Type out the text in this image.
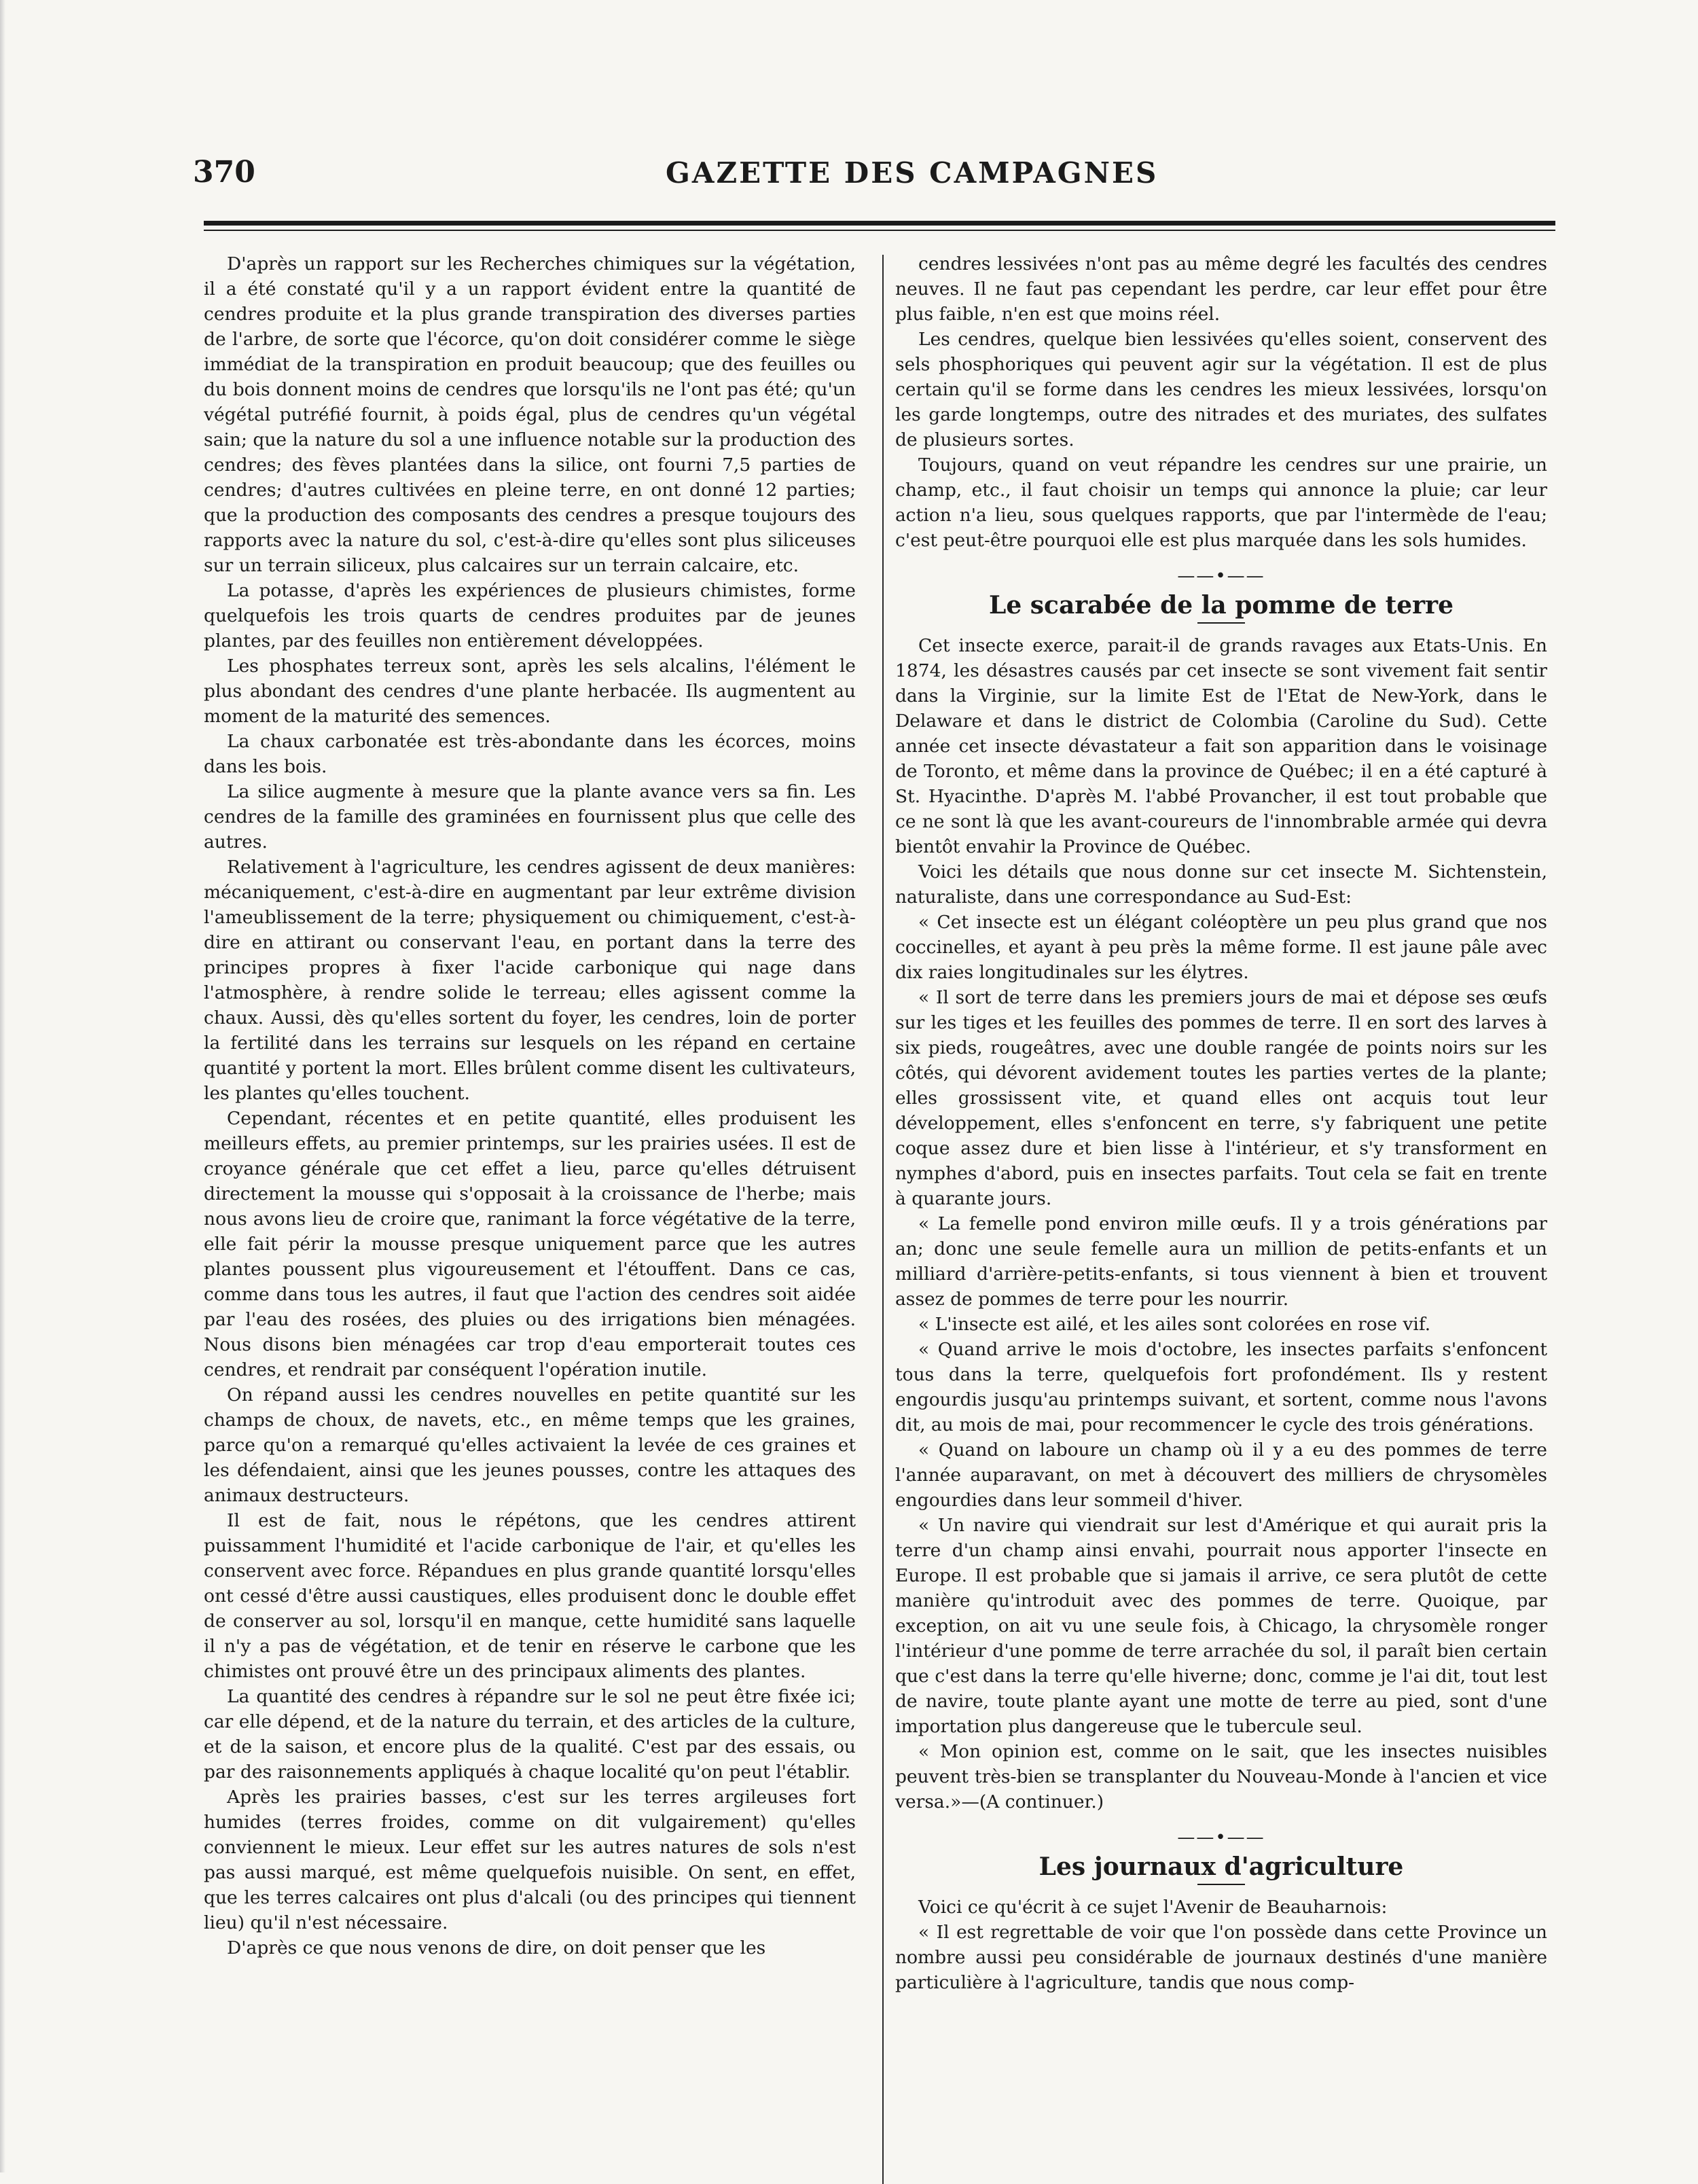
370	GAZETTE DES CAMPAGNES

D'après un rapport sur les Recherches chimiques sur la végétation, il a été constaté qu'il y a un rapport évident entre la quantité de cendres produite et la plus grande transpiration des diverses parties de l'arbre, de sorte que l'écorce, qu'on doit considérer comme le siège immédiat de la transpiration en produit beaucoup; que des feuilles ou du bois donnent moins de cendres que lorsqu'ils ne l'ont pas été; qu'un végétal putréfié fournit, à poids égal, plus de cendres qu'un végétal sain; que la nature du sol a une influence notable sur la production des cendres; des fèves plantées dans la silice, ont fourni 7,5 parties de cendres; d'autres cultivées en pleine terre, en ont donné 12 parties; que la production des composants des cendres a presque toujours des rapports avec la nature du sol, c'est-à-dire qu'elles sont plus siliceuses sur un terrain siliceux, plus calcaires sur un terrain calcaire, etc.

La potasse, d'après les expériences de plusieurs chimistes, forme quelquefois les trois quarts de cendres produites par de jeunes plantes, par des feuilles non entièrement développées.

Les phosphates terreux sont, après les sels alcalins, l'élément le plus abondant des cendres d'une plante herbacée. Ils augmentent au moment de la maturité des semences.

La chaux carbonatée est très-abondante dans les écorces, moins dans les bois.

La silice augmente à mesure que la plante avance vers sa fin. Les cendres de la famille des graminées en fournissent plus que celle des autres.

Relativement à l'agriculture, les cendres agissent de deux manières: mécaniquement, c'est-à-dire en augmentant par leur extrême division l'ameublissement de la terre; physiquement ou chimiquement, c'est-à-dire en attirant ou conservant l'eau, en portant dans la terre des principes propres à fixer l'acide carbonique qui nage dans l'atmosphère, à rendre solide le terreau; elles agissent comme la chaux. Aussi, dès qu'elles sortent du foyer, les cendres, loin de porter la fertilité dans les terrains sur lesquels on les répand en certaine quantité y portent la mort. Elles brûlent comme disent les cultivateurs, les plantes qu'elles touchent.

Cependant, récentes et en petite quantité, elles produisent les meilleurs effets, au premier printemps, sur les prairies usées. Il est de croyance générale que cet effet a lieu, parce qu'elles détruisent directement la mousse qui s'opposait à la croissance de l'herbe; mais nous avons lieu de croire que, ranimant la force végétative de la terre, elle fait périr la mousse presque uniquement parce que les autres plantes poussent plus vigoureusement et l'étouffent. Dans ce cas, comme dans tous les autres, il faut que l'action des cendres soit aidée par l'eau des rosées, des pluies ou des irrigations bien ménagées. Nous disons bien ménagées car trop d'eau emporterait toutes ces cendres, et rendrait par conséquent l'opération inutile.

On répand aussi les cendres nouvelles en petite quantité sur les champs de choux, de navets, etc., en même temps que les graines, parce qu'on a remarqué qu'elles activaient la levée de ces graines et les défendaient, ainsi que les jeunes pousses, contre les attaques des animaux destructeurs.

Il est de fait, nous le répétons, que les cendres attirent puissamment l'humidité et l'acide carbonique de l'air, et qu'elles les conservent avec force. Répandues en plus grande quantité lorsqu'elles ont cessé d'être aussi caustiques, elles produisent donc le double effet de conserver au sol, lorsqu'il en manque, cette humidité sans laquelle il n'y a pas de végétation, et de tenir en réserve le carbone que les chimistes ont prouvé être un des principaux aliments des plantes.

La quantité des cendres à répandre sur le sol ne peut être fixée ici; car elle dépend, et de la nature du terrain, et des articles de la culture, et de la saison, et encore plus de la qualité. C'est par des essais, ou par des raisonnements appliqués à chaque localité qu'on peut l'établir.

Après les prairies basses, c'est sur les terres argileuses fort humides (terres froides, comme on dit vulgairement) qu'elles conviennent le mieux. Leur effet sur les autres natures de sols n'est pas aussi marqué, est même quelquefois nuisible. On sent, en effet, que les terres calcaires ont plus d'alcali (ou des principes qui tiennent lieu) qu'il n'est nécessaire.

D'après ce que nous venons de dire, on doit penser que les

cendres lessivées n'ont pas au même degré les facultés des cendres neuves. Il ne faut pas cependant les perdre, car leur effet pour être plus faible, n'en est que moins réel.

Les cendres, quelque bien lessivées qu'elles soient, conservent des sels phosphoriques qui peuvent agir sur la végétation. Il est de plus certain qu'il se forme dans les cendres les mieux lessivées, lorsqu'on les garde longtemps, outre des nitrades et des muriates, des sulfates de plusieurs sortes.

Toujours, quand on veut répandre les cendres sur une prairie, un champ, etc., il faut choisir un temps qui annonce la pluie; car leur action n'a lieu, sous quelques rapports, que par l'intermède de l'eau; c'est peut-être pourquoi elle est plus marquée dans les sols humides.

——•——
Le scarabée de la pomme de terre

Cet insecte exerce, parait-il de grands ravages aux Etats-Unis. En 1874, les désastres causés par cet insecte se sont vivement fait sentir dans la Virginie, sur la limite Est de l'Etat de New-York, dans le Delaware et dans le district de Colombia (Caroline du Sud). Cette année cet insecte dévastateur a fait son apparition dans le voisinage de Toronto, et même dans la province de Québec; il en a été capturé à St. Hyacinthe. D'après M. l'abbé Provancher, il est tout probable que ce ne sont là que les avant-coureurs de l'innombrable armée qui devra bientôt envahir la Province de Québec.

Voici les détails que nous donne sur cet insecte M. Sichtenstein, naturaliste, dans une correspondance au Sud-Est:

« Cet insecte est un élégant coléoptère un peu plus grand que nos coccinelles, et ayant à peu près la même forme. Il est jaune pâle avec dix raies longitudinales sur les élytres.

« Il sort de terre dans les premiers jours de mai et dépose ses œufs sur les tiges et les feuilles des pommes de terre. Il en sort des larves à six pieds, rougeâtres, avec une double rangée de points noirs sur les côtés, qui dévorent avidement toutes les parties vertes de la plante; elles grossissent vite, et quand elles ont acquis tout leur développement, elles s'enfoncent en terre, s'y fabriquent une petite coque assez dure et bien lisse à l'intérieur, et s'y transforment en nymphes d'abord, puis en insectes parfaits. Tout cela se fait en trente à quarante jours.

« La femelle pond environ mille œufs. Il y a trois générations par an; donc une seule femelle aura un million de petits-enfants et un milliard d'arrière-petits-enfants, si tous viennent à bien et trouvent assez de pommes de terre pour les nourrir.

« L'insecte est ailé, et les ailes sont colorées en rose vif.

« Quand arrive le mois d'octobre, les insectes parfaits s'enfoncent tous dans la terre, quelquefois fort profondément. Ils y restent engourdis jusqu'au printemps suivant, et sortent, comme nous l'avons dit, au mois de mai, pour recommencer le cycle des trois générations.

« Quand on laboure un champ où il y a eu des pommes de terre l'année auparavant, on met à découvert des milliers de chrysomèles engourdies dans leur sommeil d'hiver.

« Un navire qui viendrait sur lest d'Amérique et qui aurait pris la terre d'un champ ainsi envahi, pourrait nous apporter l'insecte en Europe. Il est probable que si jamais il arrive, ce sera plutôt de cette manière qu'introduit avec des pommes de terre. Quoique, par exception, on ait vu une seule fois, à Chicago, la chrysomèle ronger l'intérieur d'une pomme de terre arrachée du sol, il paraît bien certain que c'est dans la terre qu'elle hiverne; donc, comme je l'ai dit, tout lest de navire, toute plante ayant une motte de terre au pied, sont d'une importation plus dangereuse que le tubercule seul.

« Mon opinion est, comme on le sait, que les insectes nuisibles peuvent très-bien se transplanter du Nouveau-Monde à l'ancien et vice versa.»—(A continuer.)

——•——
Les journaux d'agriculture

Voici ce qu'écrit à ce sujet l'Avenir de Beauharnois:

« Il est regrettable de voir que l'on possède dans cette Province un nombre aussi peu considérable de journaux destinés d'une manière particulière à l'agriculture, tandis que nous comp-
